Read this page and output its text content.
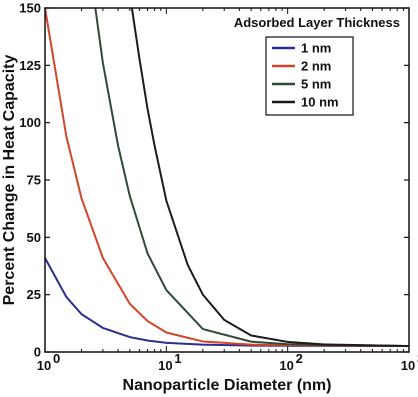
0
25
50
75
100
125
150
10 0	10 1	10 2	10
Nanoparticle Diameter (nm)
Percent Change in Heat Capacity
Adsorbed Layer Thickness
1 nm
2 nm
5 nm
10 nm
